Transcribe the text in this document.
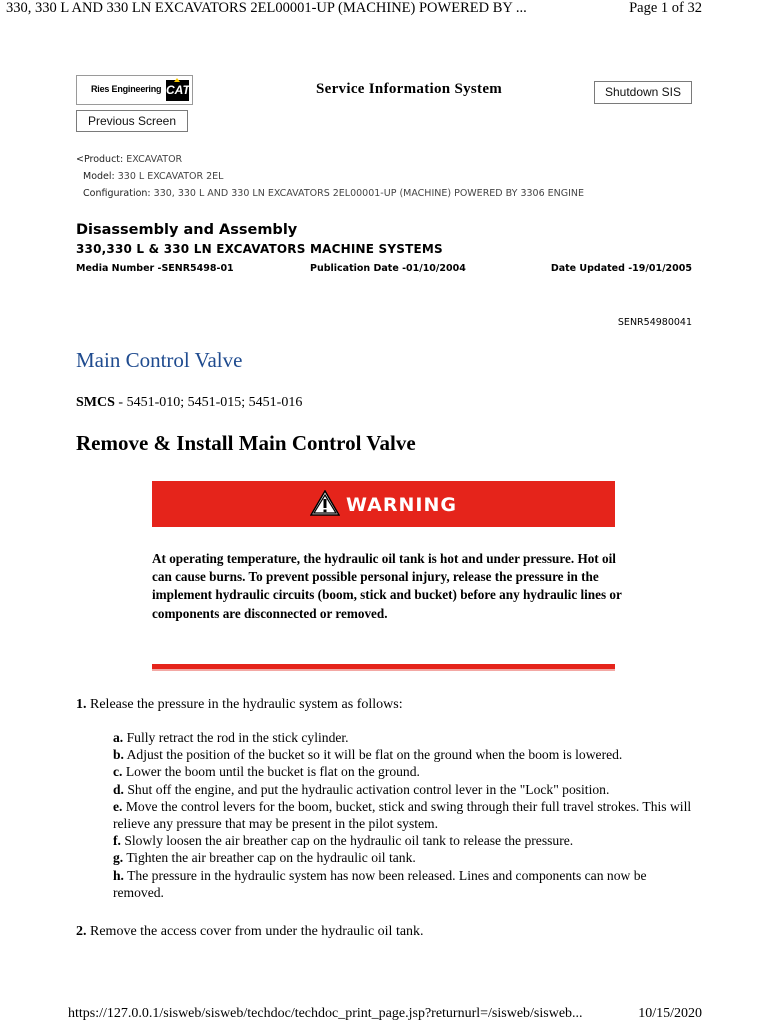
330, 330 L AND 330 LN EXCAVATORS 2EL00001-UP (MACHINE) POWERED BY ...	Page 1 of 32
Ries Engineering CAT
Previous Screen
Service Information System	Shutdown SIS
<Product: EXCAVATOR
Model: 330 L EXCAVATOR 2EL
Configuration: 330, 330 L AND 330 LN EXCAVATORS 2EL00001-UP (MACHINE) POWERED BY 3306 ENGINE
Disassembly and Assembly
330,330 L & 330 LN EXCAVATORS MACHINE SYSTEMS
Media Number -SENR5498-01	Publication Date -01/10/2004	Date Updated -19/01/2005
SENR54980041
Main Control Valve
SMCS - 5451-010; 5451-015; 5451-016
Remove & Install Main Control Valve
WARNING
At operating temperature, the hydraulic oil tank is hot and under pressure. Hot oil can cause burns. To prevent possible personal injury, release the pressure in the implement hydraulic circuits (boom, stick and bucket) before any hydraulic lines or components are disconnected or removed.
1. Release the pressure in the hydraulic system as follows:
a. Fully retract the rod in the stick cylinder.
b. Adjust the position of the bucket so it will be flat on the ground when the boom is lowered.
c. Lower the boom until the bucket is flat on the ground.
d. Shut off the engine, and put the hydraulic activation control lever in the "Lock" position.
e. Move the control levers for the boom, bucket, stick and swing through their full travel strokes. This will relieve any pressure that may be present in the pilot system.
f. Slowly loosen the air breather cap on the hydraulic oil tank to release the pressure.
g. Tighten the air breather cap on the hydraulic oil tank.
h. The pressure in the hydraulic system has now been released. Lines and components can now be removed.
2. Remove the access cover from under the hydraulic oil tank.
https://127.0.0.1/sisweb/sisweb/techdoc/techdoc_print_page.jsp?returnurl=/sisweb/sisweb...	10/15/2020
